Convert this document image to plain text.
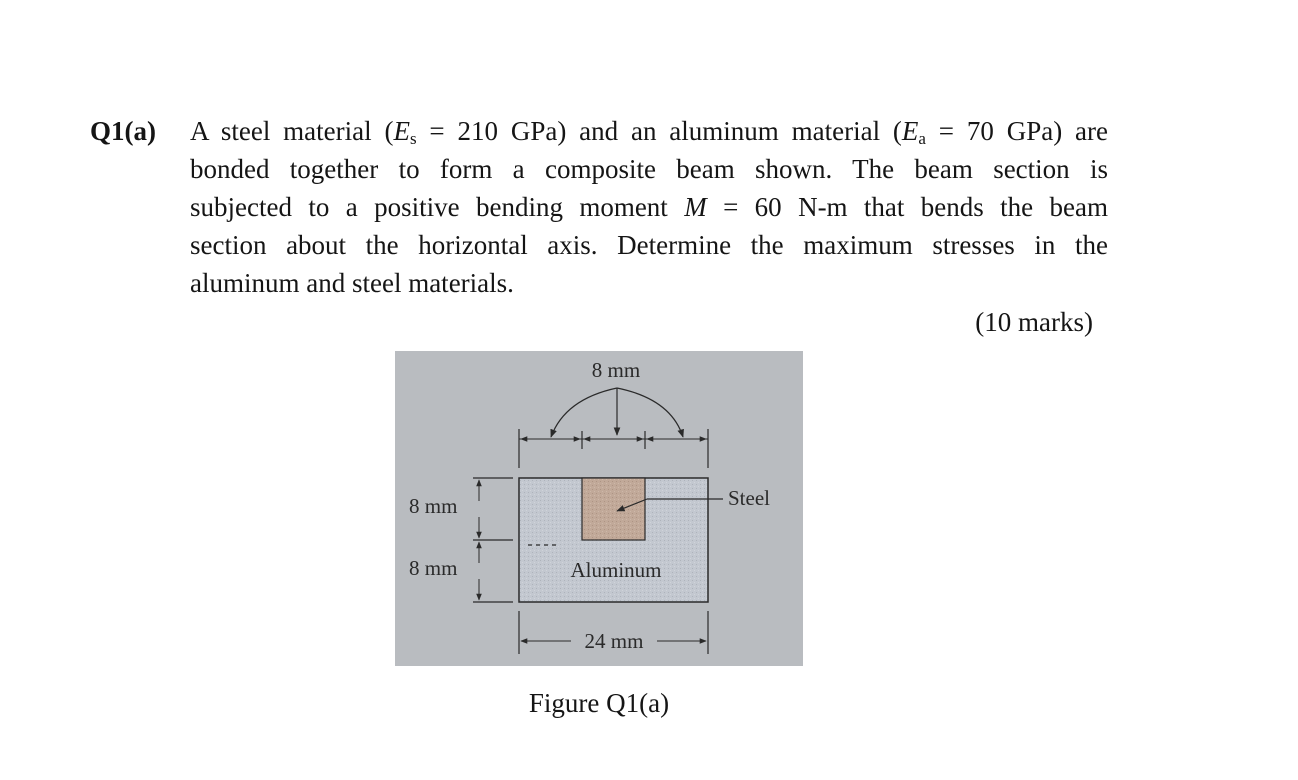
Q1(a) A steel material ($E_s = 210$ GPa) and an aluminum material ($E_a = 70$ GPa) are
bonded together to form a composite beam shown. The beam section is
subjected to a positive bending moment M = 60 N-m that bends the beam
section about the horizontal axis. Determine the maximum stresses in the
aluminum and steel materials.
(10 marks)
8 mm
8 mm
8 mm
Steel
Aluminum
24 mm
Figure Q1(a)
